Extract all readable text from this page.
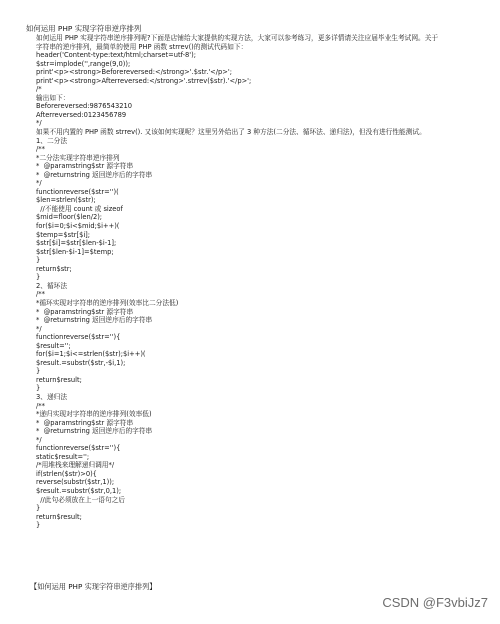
如何运用 PHP 实现字符串逆序排列
如何运用 PHP 实现字符串逆序排列呢?下面是店铺给大家提供的实现方法，大家可以参考练习，更多详情请关注应届毕业生考试网。关于
字符串的逆序排列，最简单的使用 PHP 函数 strrev()的测试代码如下：
header('Content-type:text/html;charset=utf-8');
$str=implode('',range(9,0));
print'<p><strong>Beforereversed:</strong>'.$str.'</p>';
print'<p><strong>Afterreversed:</strong>'.strrev($str).'</p>';
/*
输出如下：
Beforereversed:9876543210
Afterreversed:0123456789
*/
如果不用内置的 PHP 函数 strrev(). 又该如何实现呢？这里另外给出了 3 种方法(二分法、循环法、递归法)，但没有进行性能测试。
1、二分法
/**
*二分法实现字符串逆序排列
*  @paramstring$str 源字符串
*  @returnstring 返回逆序后的字符串
*/
functionreverse($str='')(
$len=strlen($str);
//不能使用 count 或 sizeof
$mid=floor($len/2);
for($i=0;$i<$mid;$i++)(
$temp=$str[$i];
$str[$i]=$str[$len-$i-1];
$str[$len-$i-1]=$temp;
}
return$str;
}
2、循环法
/**
*循环实现对字符串的逆序排列(效率比二分法低)
*  @paramstring$str 源字符串
*  @returnstring 返回逆序后的字符串
*/
functionreverse($str=''){
$result='';
for($i=1;$i<=strlen($str);$i++)(
$result.=substr($str,-$i,1);
}
return$result;
}
3、递归法
/**
*递归实现对字符串的逆序排列(效率低)
*  @paramstring$str 源字符串
*  @returnstring 返回逆序后的字符串
*/
functionreverse($str=''){
static$result='';
/*用堆栈来理解递归调用*/
if(strlen($str)>0){
reverse(substr($str,1));
$result.=substr($str,0,1);
//此句必须放在上一语句之后
}
return$result;
}
【如何运用 PHP 实现字符串逆序排列】
CSDN @F3vbiJz7
